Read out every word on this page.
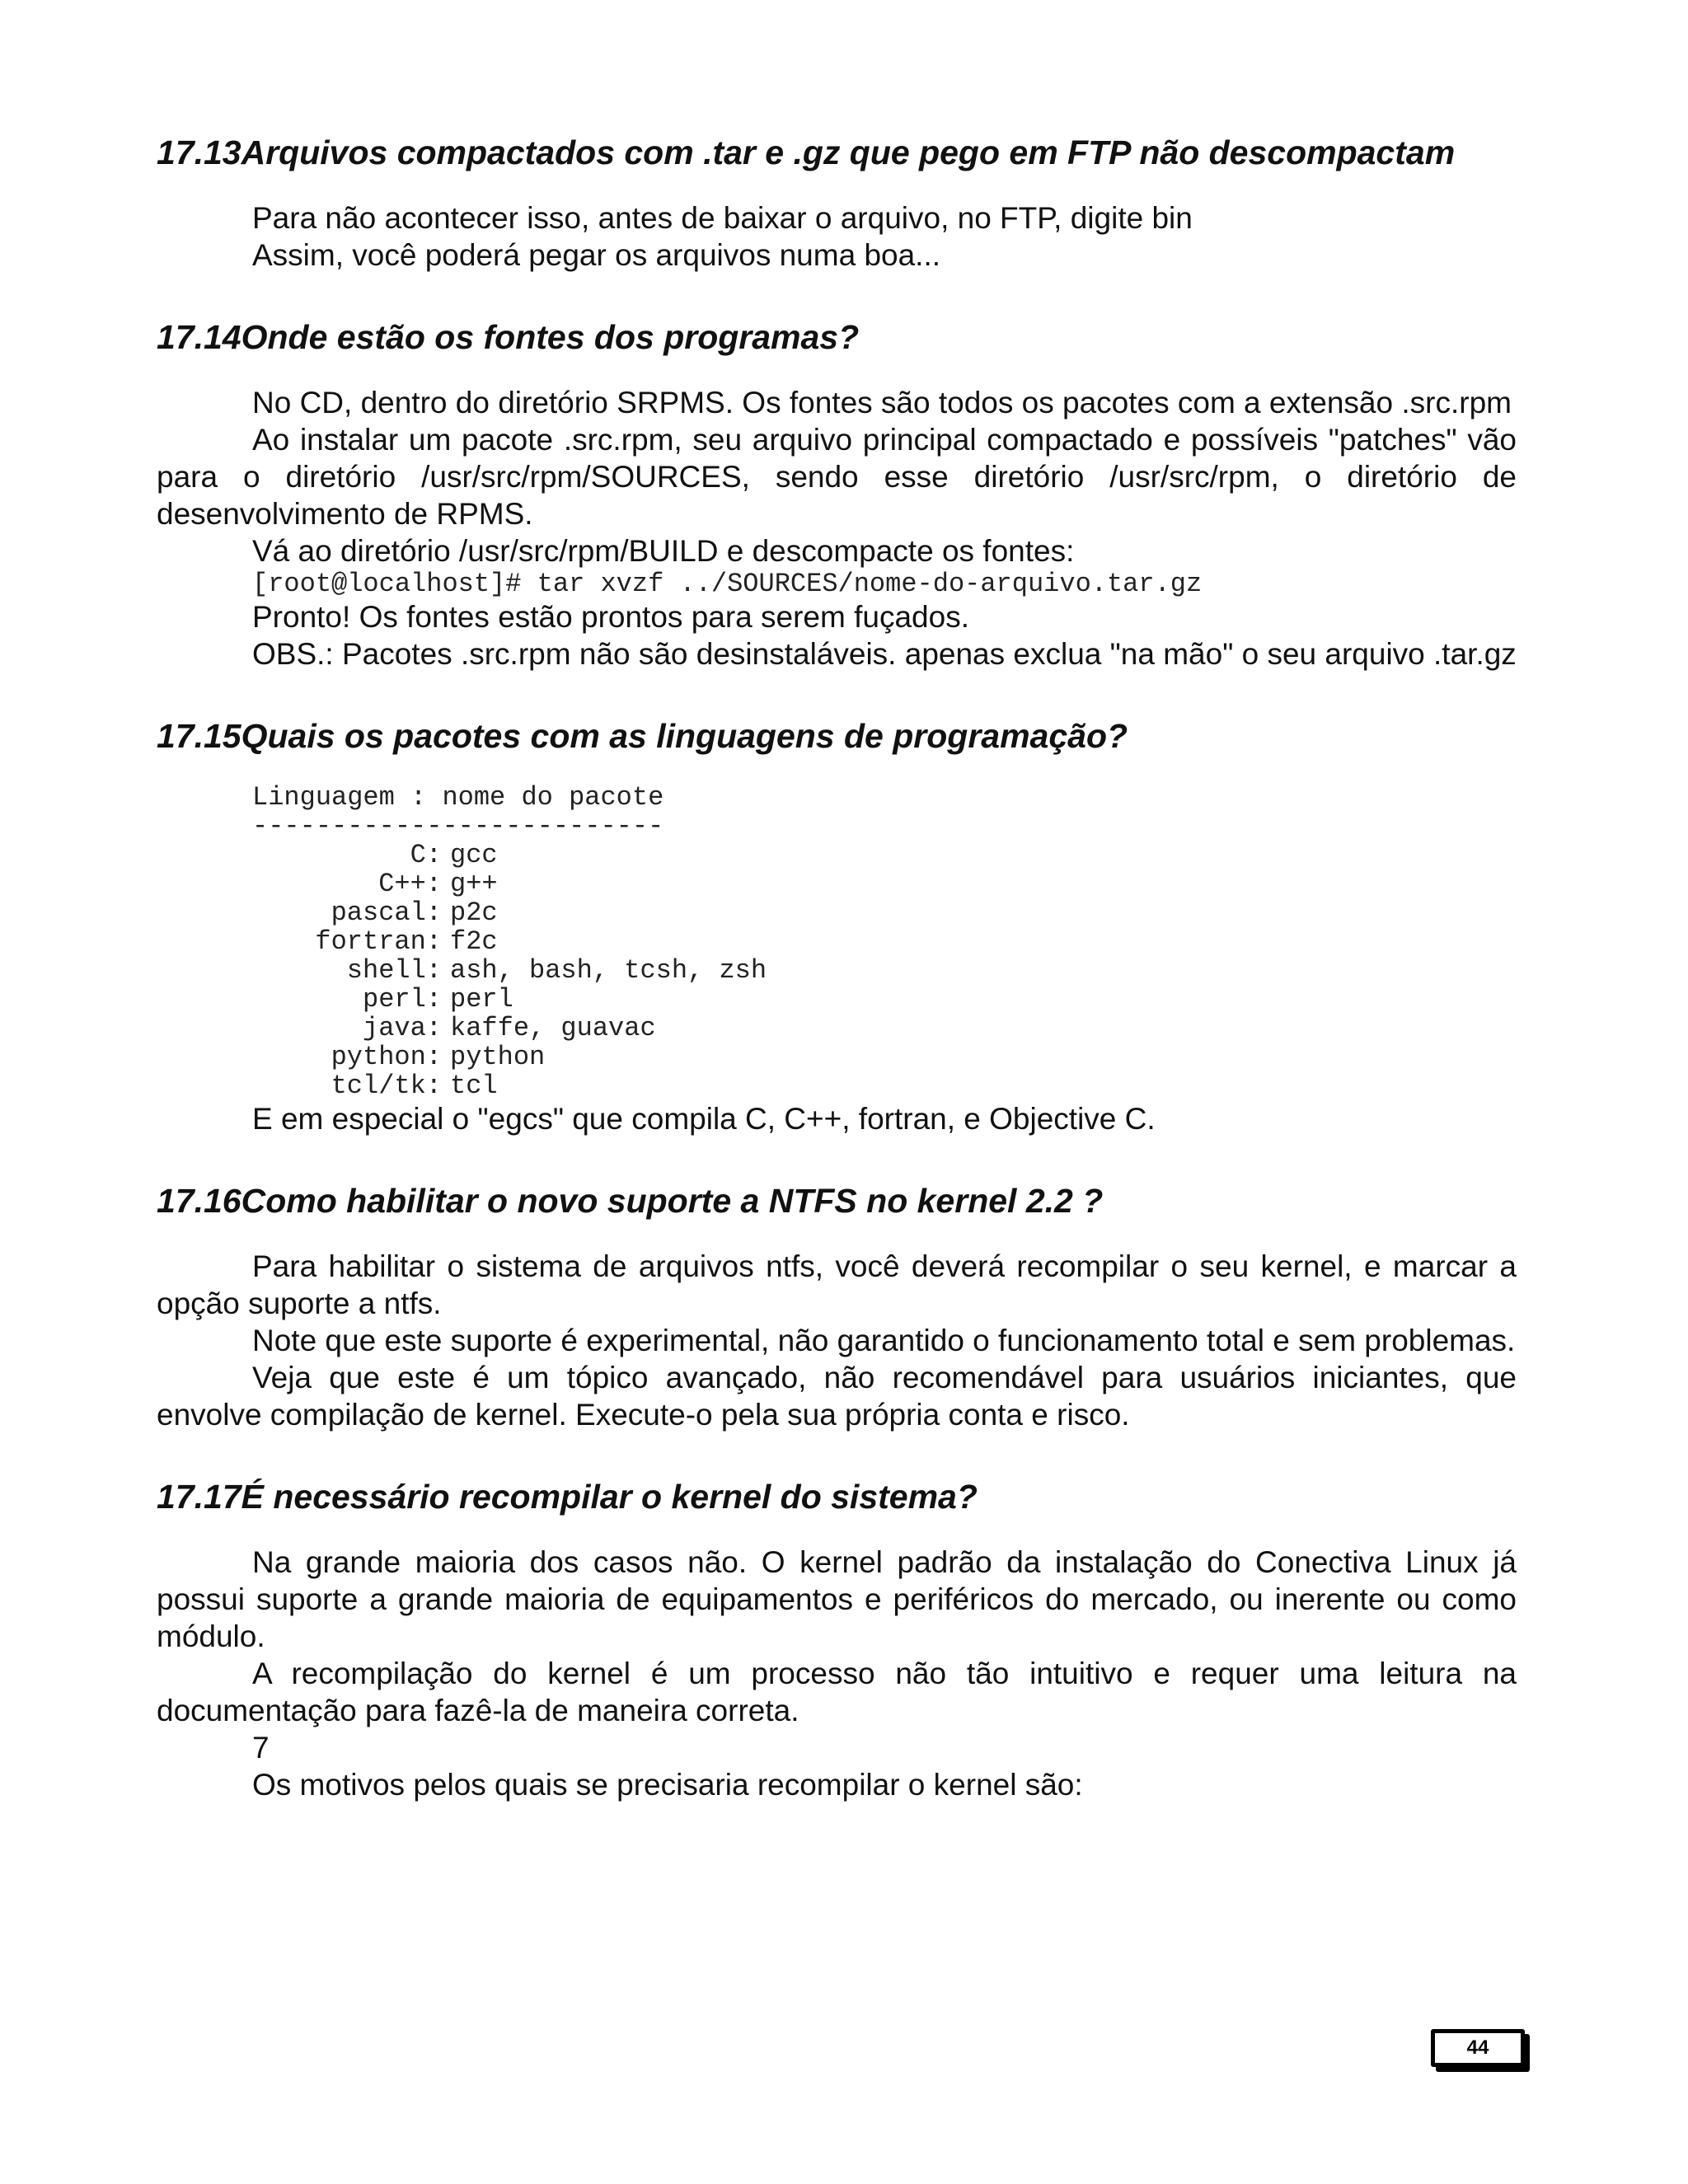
17.13Arquivos compactados com .tar e .gz que pego em FTP não descompactam

Para não acontecer isso, antes de baixar o arquivo, no FTP, digite bin

Assim, você poderá pegar os arquivos numa boa...

17.14Onde estão os fontes dos programas?

No CD, dentro do diretório SRPMS. Os fontes são todos os pacotes com a extensão .src.rpm

Ao instalar um pacote .src.rpm, seu arquivo principal compactado e possíveis "patches" vão para o diretório /usr/src/rpm/SOURCES, sendo esse diretório /usr/src/rpm, o diretório de desenvolvimento de RPMS.

Vá ao diretório /usr/src/rpm/BUILD e descompacte os fontes:

[root@localhost]# tar xvzf ../SOURCES/nome-do-arquivo.tar.gz

Pronto! Os fontes estão prontos para serem fuçados.

OBS.: Pacotes .src.rpm não são desinstaláveis. apenas exclua "na mão" o seu arquivo .tar.gz

17.15Quais os pacotes com as linguagens de programação?
Linguagem : nome do pacote
--------------------------
C: gcc
C++: g++
pascal: p2c
fortran: f2c
shell: ash, bash, tcsh, zsh
perl: perl
java: kaffe, guavac
python: python
tcl/tk: tcl

E em especial o "egcs" que compila C, C++, fortran, e Objective C.

17.16Como habilitar o novo suporte a NTFS no kernel 2.2 ?

Para habilitar o sistema de arquivos ntfs, você deverá recompilar o seu kernel, e marcar a opção suporte a ntfs.

Note que este suporte é experimental, não garantido o funcionamento total e sem problemas.

Veja que este é um tópico avançado, não recomendável para usuários iniciantes, que envolve compilação de kernel. Execute-o pela sua própria conta e risco.

17.17É necessário recompilar o kernel do sistema?

Na grande maioria dos casos não. O kernel padrão da instalação do Conectiva Linux já possui suporte a grande maioria de equipamentos e periféricos do mercado, ou inerente ou como módulo.

A recompilação do kernel é um processo não tão intuitivo e requer uma leitura na documentação para fazê-la de maneira correta.

7

Os motivos pelos quais se precisaria recompilar o kernel são:

44
